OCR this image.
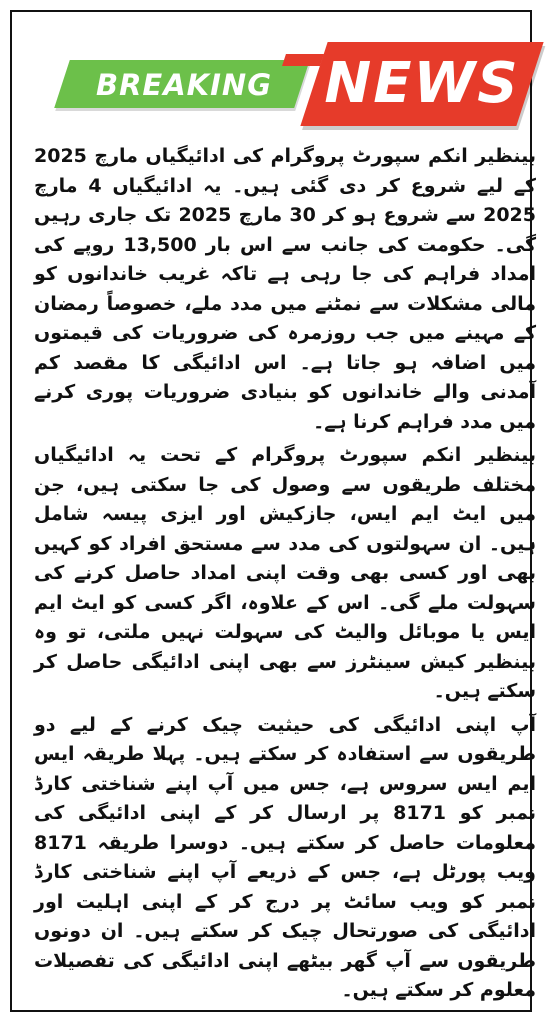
BREAKING NEWS

بینظیر انکم سپورٹ پروگرام کی ادائیگیاں مارچ 2025 کے لیے شروع کر دی گئی ہیں۔ یہ ادائیگیاں 4 مارچ 2025 سے شروع ہو کر 30 مارچ 2025 تک جاری رہیں گی۔ حکومت کی جانب سے اس بار 13,500 روپے کی امداد فراہم کی جا رہی ہے تاکہ غریب خاندانوں کو مالی مشکلات سے نمٹنے میں مدد ملے، خصوصاً رمضان کے مہینے میں جب روزمرہ کی ضروریات کی قیمتوں میں اضافہ ہو جاتا ہے۔ اس ادائیگی کا مقصد کم آمدنی والے خاندانوں کو بنیادی ضروریات پوری کرنے میں مدد فراہم کرنا ہے۔

بینظیر انکم سپورٹ پروگرام کے تحت یہ ادائیگیاں مختلف طریقوں سے وصول کی جا سکتی ہیں، جن میں ایٹ ایم ایس، جازکیش اور ایزی پیسہ شامل ہیں۔ ان سہولتوں کی مدد سے مستحق افراد کو کہیں بھی اور کسی بھی وقت اپنی امداد حاصل کرنے کی سہولت ملے گی۔ اس کے علاوہ، اگر کسی کو ایٹ ایم ایس یا موبائل والیٹ کی سہولت نہیں ملتی، تو وہ بینظیر کیش سینٹرز سے بھی اپنی ادائیگی حاصل کر سکتے ہیں۔

آپ اپنی ادائیگی کی حیثیت چیک کرنے کے لیے دو طریقوں سے استفادہ کر سکتے ہیں۔ پہلا طریقہ ایس ایم ایس سروس ہے، جس میں آپ اپنے شناختی کارڈ نمبر کو 8171 پر ارسال کر کے اپنی ادائیگی کی معلومات حاصل کر سکتے ہیں۔ دوسرا طریقہ 8171 ویب پورٹل ہے، جس کے ذریعے آپ اپنے شناختی کارڈ نمبر کو ویب سائٹ پر درج کر کے اپنی اہلیت اور ادائیگی کی صورتحال چیک کر سکتے ہیں۔ ان دونوں طریقوں سے آپ گھر بیٹھے اپنی ادائیگی کی تفصیلات معلوم کر سکتے ہیں۔
